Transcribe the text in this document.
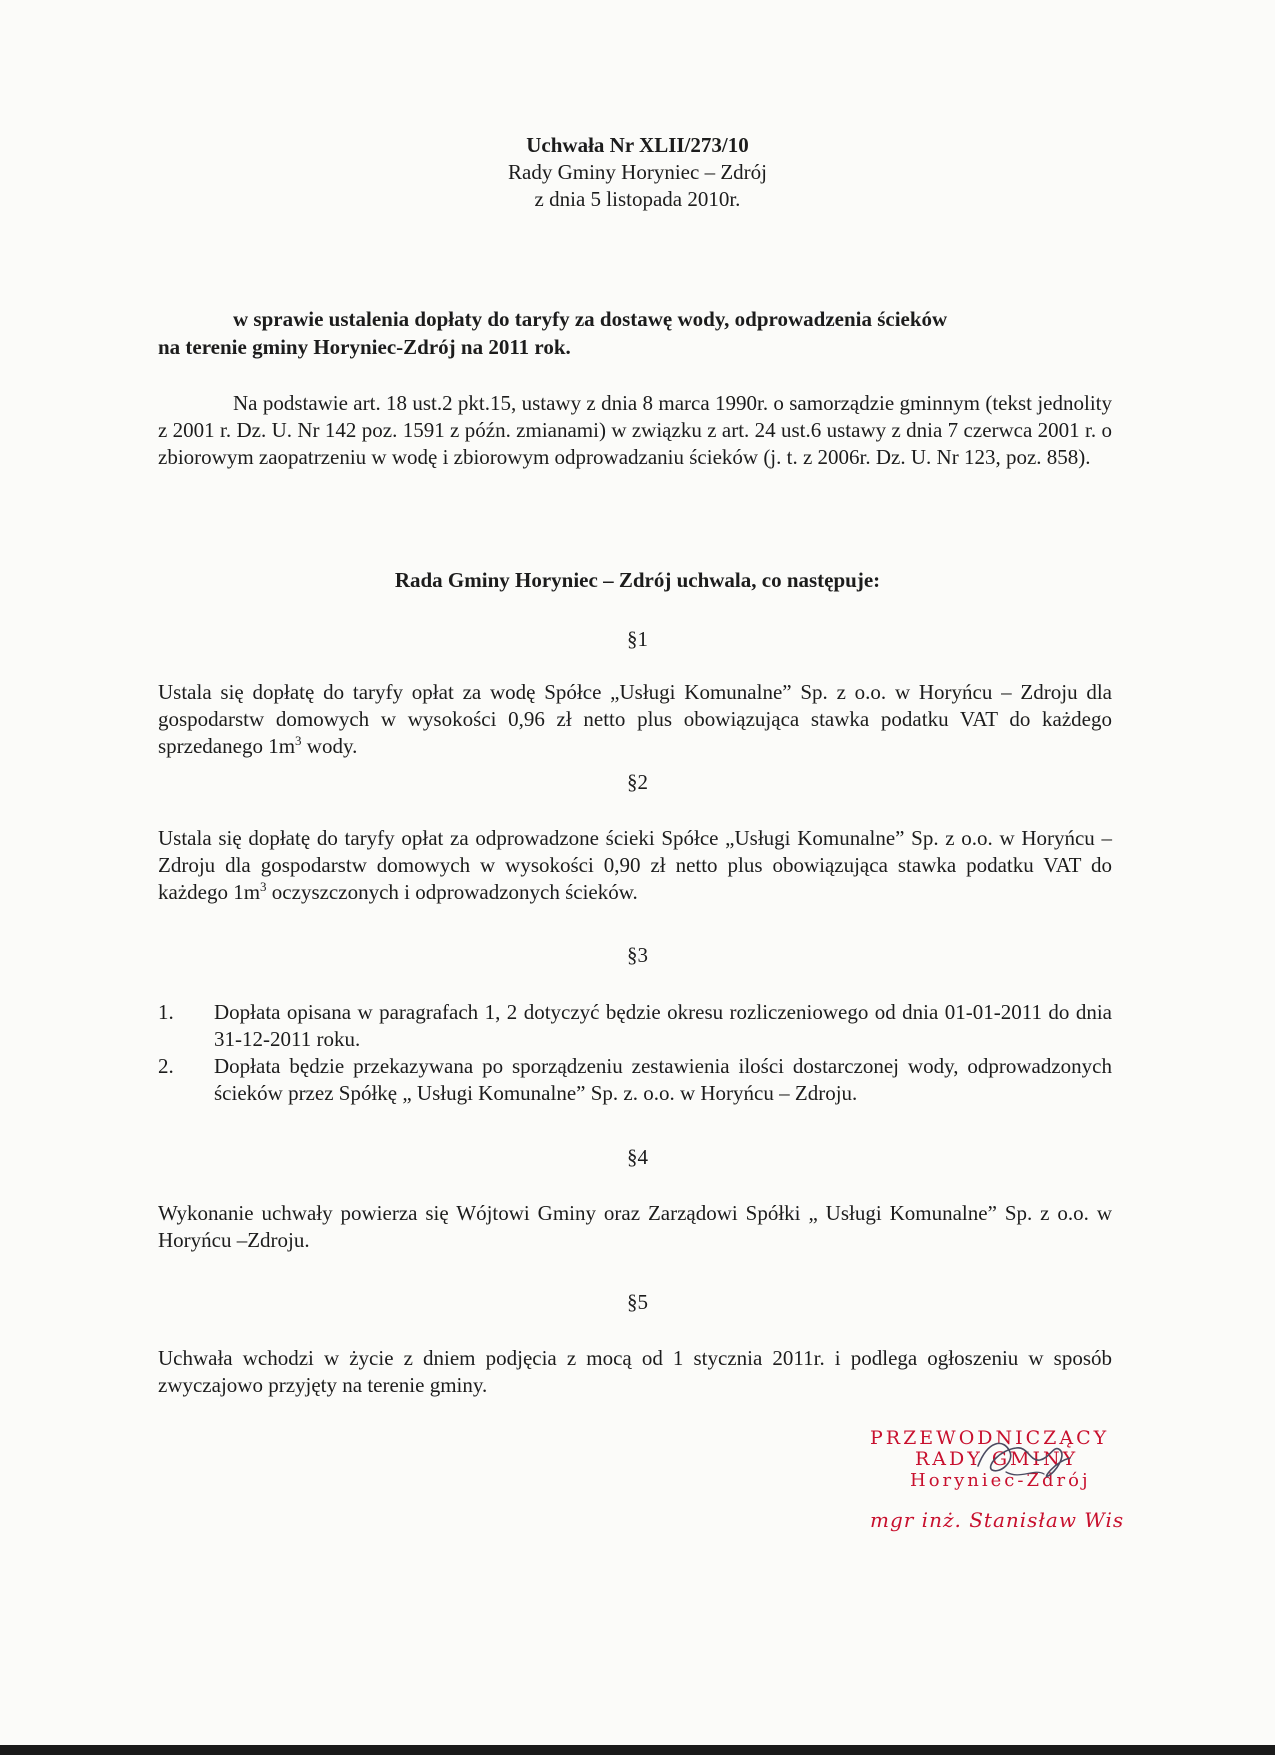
Uchwała Nr XLII/273/10
Rady Gminy Horyniec – Zdrój
z dnia 5 listopada 2010r.
w sprawie ustalenia dopłaty do taryfy za dostawę wody, odprowadzenia ścieków
na terenie gminy Horyniec-Zdrój na 2011 rok.
Na podstawie art. 18 ust.2 pkt.15, ustawy z dnia 8 marca 1990r. o samorządzie gminnym (tekst jednolity z 2001 r. Dz. U. Nr 142 poz. 1591 z późn. zmianami) w związku z art. 24 ust.6 ustawy z dnia 7 czerwca 2001 r. o zbiorowym zaopatrzeniu w wodę i zbiorowym odprowadzaniu ścieków (j. t. z 2006r. Dz. U. Nr 123, poz. 858).
Rada Gminy Horyniec – Zdrój uchwala, co następuje:
§1
Ustala się dopłatę do taryfy opłat za wodę Spółce „Usługi Komunalne” Sp. z o.o. w Horyńcu – Zdroju dla gospodarstw domowych w wysokości 0,96 zł netto plus obowiązująca stawka podatku VAT do każdego sprzedanego $1m^3$ wody.
§2
Ustala się dopłatę do taryfy opłat za odprowadzone ścieki Spółce „Usługi Komunalne” Sp. z o.o. w Horyńcu – Zdroju dla gospodarstw domowych w wysokości 0,90 zł netto plus obowiązująca stawka podatku VAT do każdego $1m^3$ oczyszczonych i odprowadzonych ścieków.
§3
1.	Dopłata opisana w paragrafach 1, 2 dotyczyć będzie okresu rozliczeniowego od dnia 01-01-2011 do dnia 31-12-2011 roku.
2.	Dopłata będzie przekazywana po sporządzeniu zestawienia ilości dostarczonej wody, odprowadzonych ścieków przez Spółkę „ Usługi Komunalne” Sp. z. o.o. w Horyńcu – Zdroju.
§4
Wykonanie uchwały powierza się Wójtowi Gminy oraz Zarządowi Spółki „ Usługi Komunalne” Sp. z o.o. w Horyńcu –Zdroju.
§5
Uchwała wchodzi w życie z dniem podjęcia z mocą od 1 stycznia 2011r. i podlega ogłoszeniu w sposób zwyczajowo przyjęty na terenie gminy.
PRZEWODNICZĄCY
RADY GMINY
Horyniec-Zdrój
mgr inż. Stanisław Wis
